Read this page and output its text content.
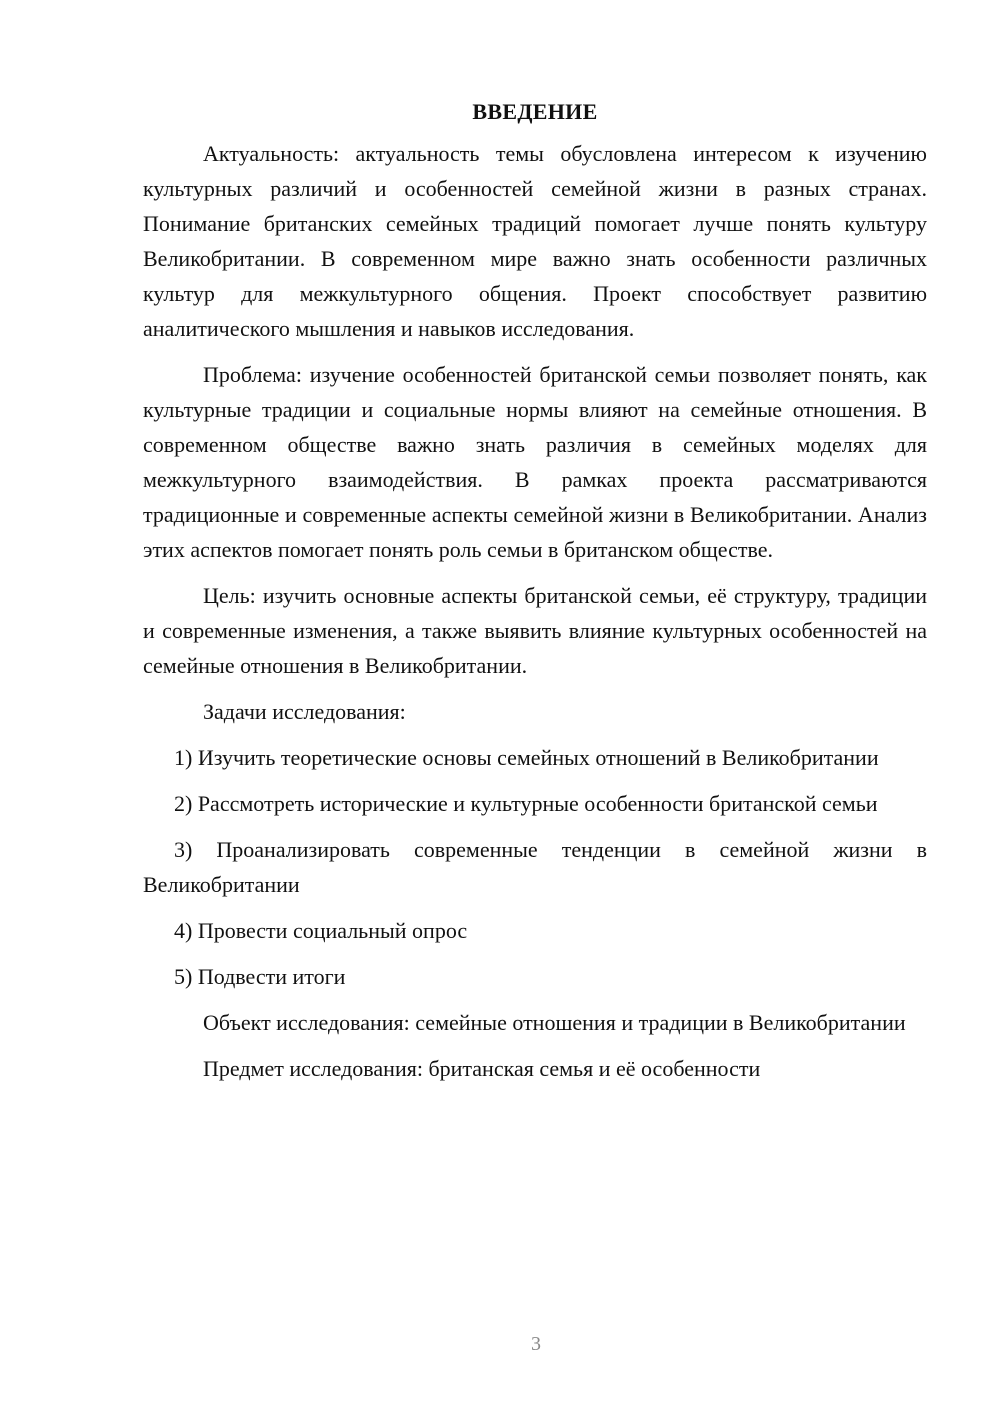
ВВЕДЕНИЕ

Актуальность: актуальность темы обусловлена интересом к изучению культурных различий и особенностей семейной жизни в разных странах. Понимание британских семейных традиций помогает лучше понять культуру Великобритании. В современном мире важно знать особенности различных культур для межкультурного общения. Проект способствует развитию аналитического мышления и навыков исследования.

Проблема: изучение особенностей британской семьи позволяет понять, как культурные традиции и социальные нормы влияют на семейные отношения. В современном обществе важно знать различия в семейных моделях для межкультурного взаимодействия. В рамках проекта рассматриваются традиционные и современные аспекты семейной жизни в Великобритании. Анализ этих аспектов помогает понять роль семьи в британском обществе.

Цель: изучить основные аспекты британской семьи, её структуру, традиции и современные изменения, а также выявить влияние культурных особенностей на семейные отношения в Великобритании.

Задачи исследования:

1) Изучить теоретические основы семейных отношений в Великобритании

2) Рассмотреть исторические и культурные особенности британской семьи

3) Проанализировать современные тенденции в семейной жизни в Великобритании

4) Провести социальный опрос

5) Подвести итоги

Объект исследования: семейные отношения и традиции в Великобритании

Предмет исследования: британская семья и её особенности

3
